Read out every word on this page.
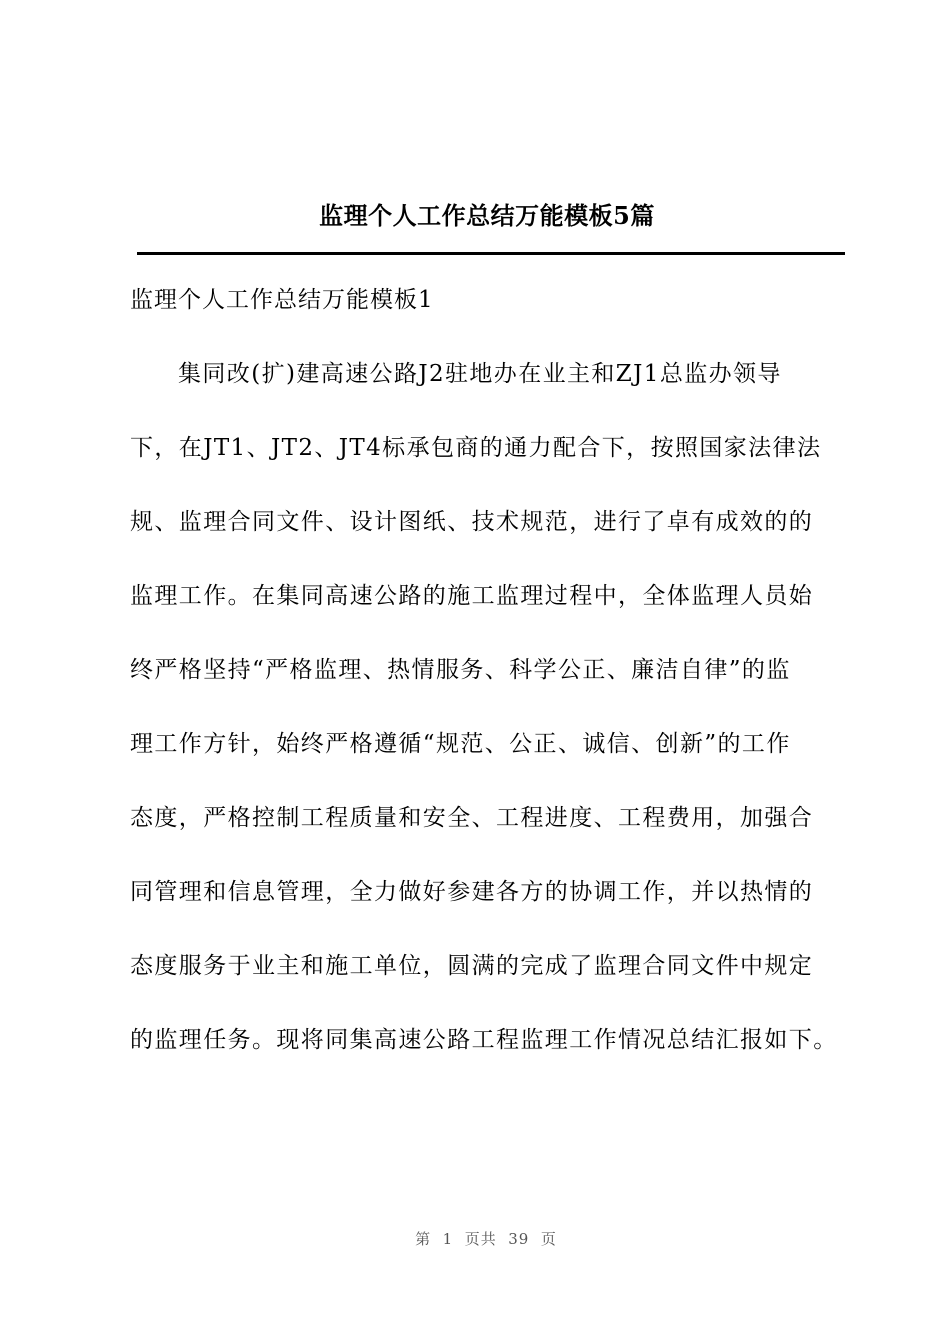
监理个人工作总结万能模板5篇
监理个人工作总结万能模板1
集同改(扩)建高速公路J2驻地办在业主和ZJ1总监办领导
下，在JT1、JT2、JT4标承包商的通力配合下，按照国家法律法
规、监理合同文件、设计图纸、技术规范，进行了卓有成效的的
监理工作。在集同高速公路的施工监理过程中，全体监理人员始
终严格坚持“严格监理、热情服务、科学公正、廉洁自律”的监
理工作方针，始终严格遵循“规范、公正、诚信、创新”的工作
态度，严格控制工程质量和安全、工程进度、工程费用，加强合
同管理和信息管理，全力做好参建各方的协调工作，并以热情的
态度服务于业主和施工单位，圆满的完成了监理合同文件中规定
的监理任务。现将同集高速公路工程监理工作情况总结汇报如下。
第  1  页共  39  页
